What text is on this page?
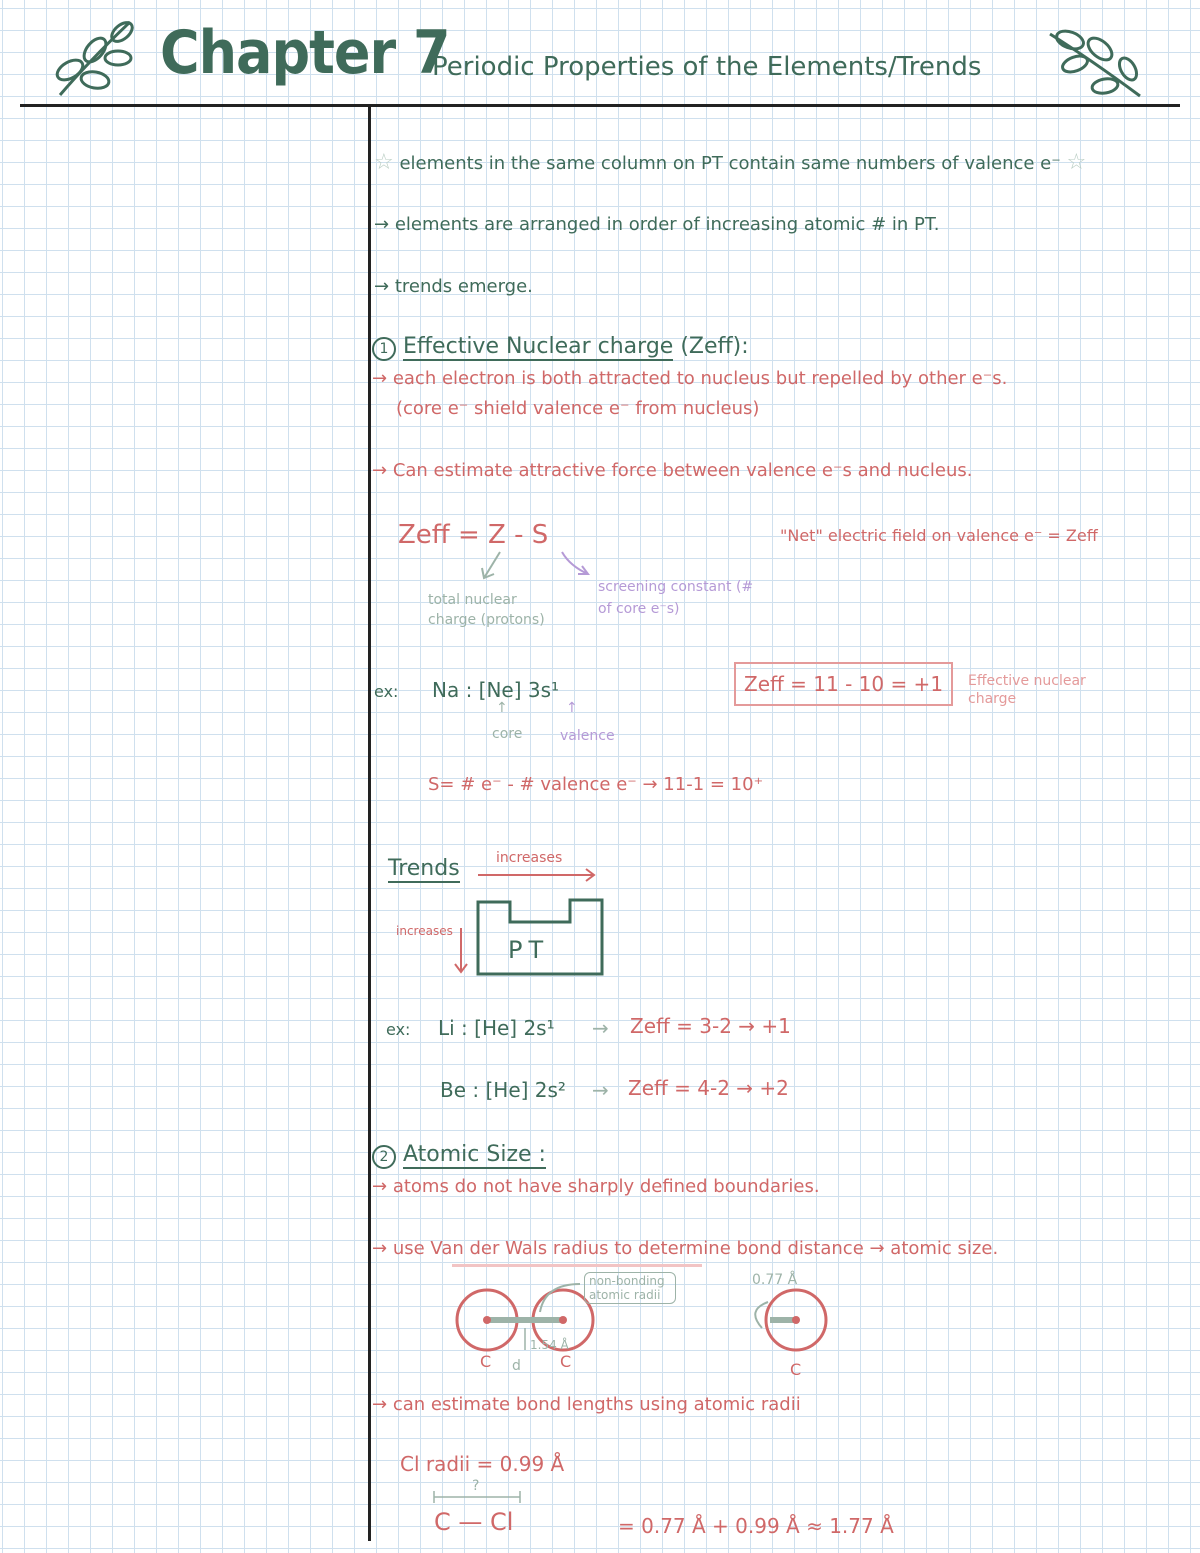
Chapter 7
Periodic Properties of the Elements/Trends
☆ elements in the same column on PT contain same numbers of valence e⁻ ☆
→ elements are arranged in order of increasing atomic # in PT.
→ trends emerge.
1 Effective Nuclear charge (Zeff):
→ each electron is both attracted to nucleus but repelled by other e⁻s.
(core e⁻ shield valence e⁻ from nucleus)
→ Can estimate attractive force between valence e⁻s and nucleus.
Zeff = Z - S	"Net" electric field on valence e⁻ = Zeff
total nuclear charge (protons)
screening constant (# of core e⁻s)
ex: Na : [Ne] 3s¹
↑	↑
core	valence
Zeff = 11 - 10 = +1	Effective nuclear charge
S= # e⁻ - # valence e⁻ → 11-1 = 10⁺
Trends	increases
increases
PT
ex: Li : [He] 2s¹ → Zeff = 3-2 → +1
Be : [He] 2s² → Zeff = 4-2 → +2
2 Atomic Size :
→ atoms do not have sharply defined boundaries.
→ use Van der Wals radius to determine bond distance → atomic size.
non-bonding atomic radii
1.54 Å
d
C	C
0.77 Å
C
→ can estimate bond lengths using atomic radii
Cl radii = 0.99 Å
?
C — Cl	= 0.77 Å + 0.99 Å ≈ 1.77 Å
